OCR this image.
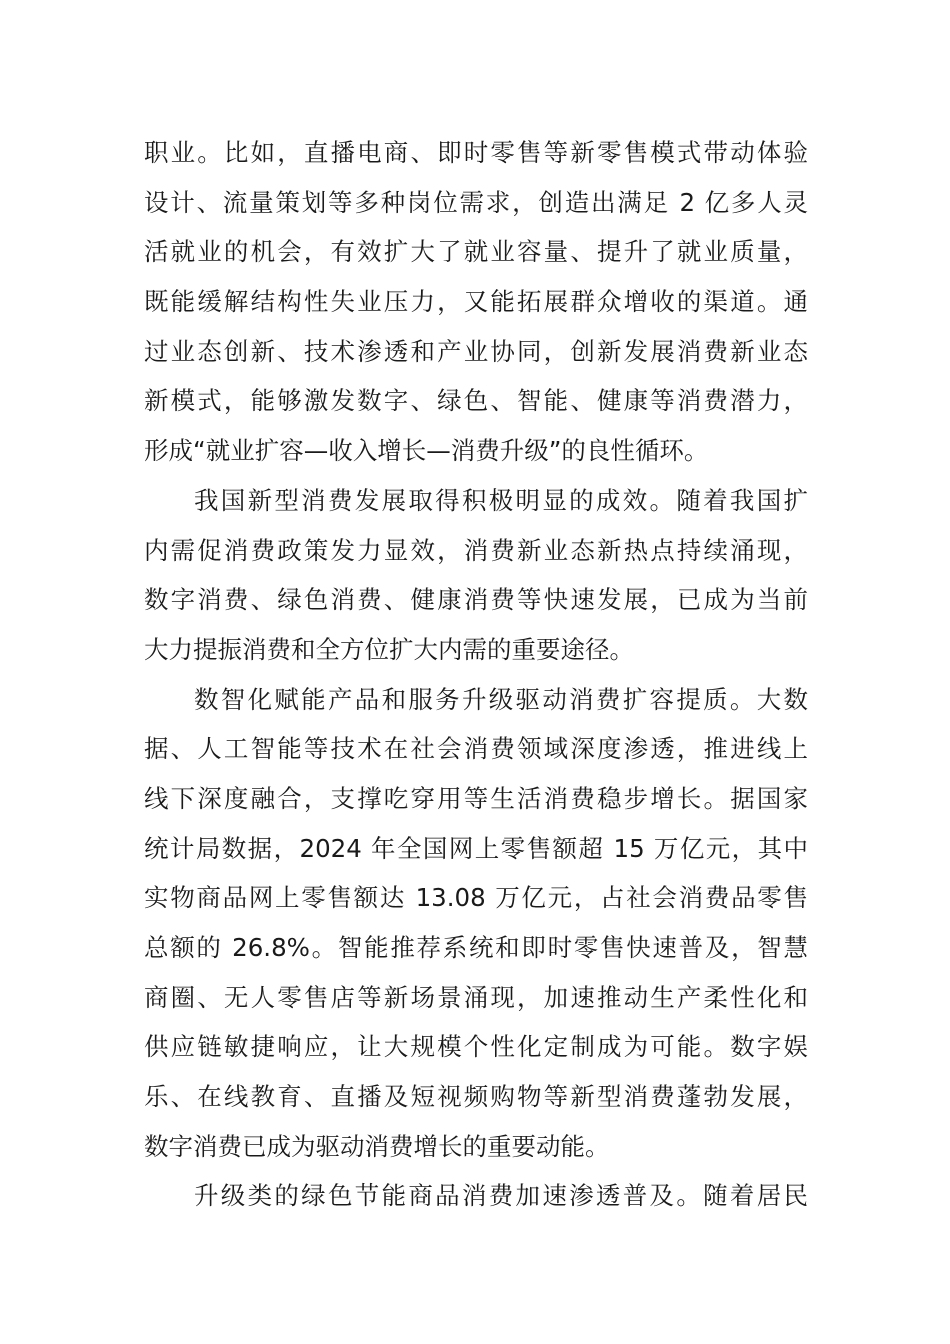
职业。比如，直播电商、即时零售等新零售模式带动体验
设计、流量策划等多种岗位需求，创造出满足 2 亿多人灵
活就业的机会，有效扩大了就业容量、提升了就业质量，
既能缓解结构性失业压力，又能拓展群众增收的渠道。通
过业态创新、技术渗透和产业协同，创新发展消费新业态
新模式，能够激发数字、绿色、智能、健康等消费潜力，
形成“就业扩容—收入增长—消费升级”的良性循环。
我国新型消费发展取得积极明显的成效。随着我国扩
内需促消费政策发力显效，消费新业态新热点持续涌现，
数字消费、绿色消费、健康消费等快速发展，已成为当前
大力提振消费和全方位扩大内需的重要途径。
数智化赋能产品和服务升级驱动消费扩容提质。大数
据、人工智能等技术在社会消费领域深度渗透，推进线上
线下深度融合，支撑吃穿用等生活消费稳步增长。据国家
统计局数据，2024 年全国网上零售额超 15 万亿元，其中
实物商品网上零售额达 13.08 万亿元，占社会消费品零售
总额的 26.8%。智能推荐系统和即时零售快速普及，智慧
商圈、无人零售店等新场景涌现，加速推动生产柔性化和
供应链敏捷响应，让大规模个性化定制成为可能。数字娱
乐、在线教育、直播及短视频购物等新型消费蓬勃发展，
数字消费已成为驱动消费增长的重要动能。
升级类的绿色节能商品消费加速渗透普及。随着居民
